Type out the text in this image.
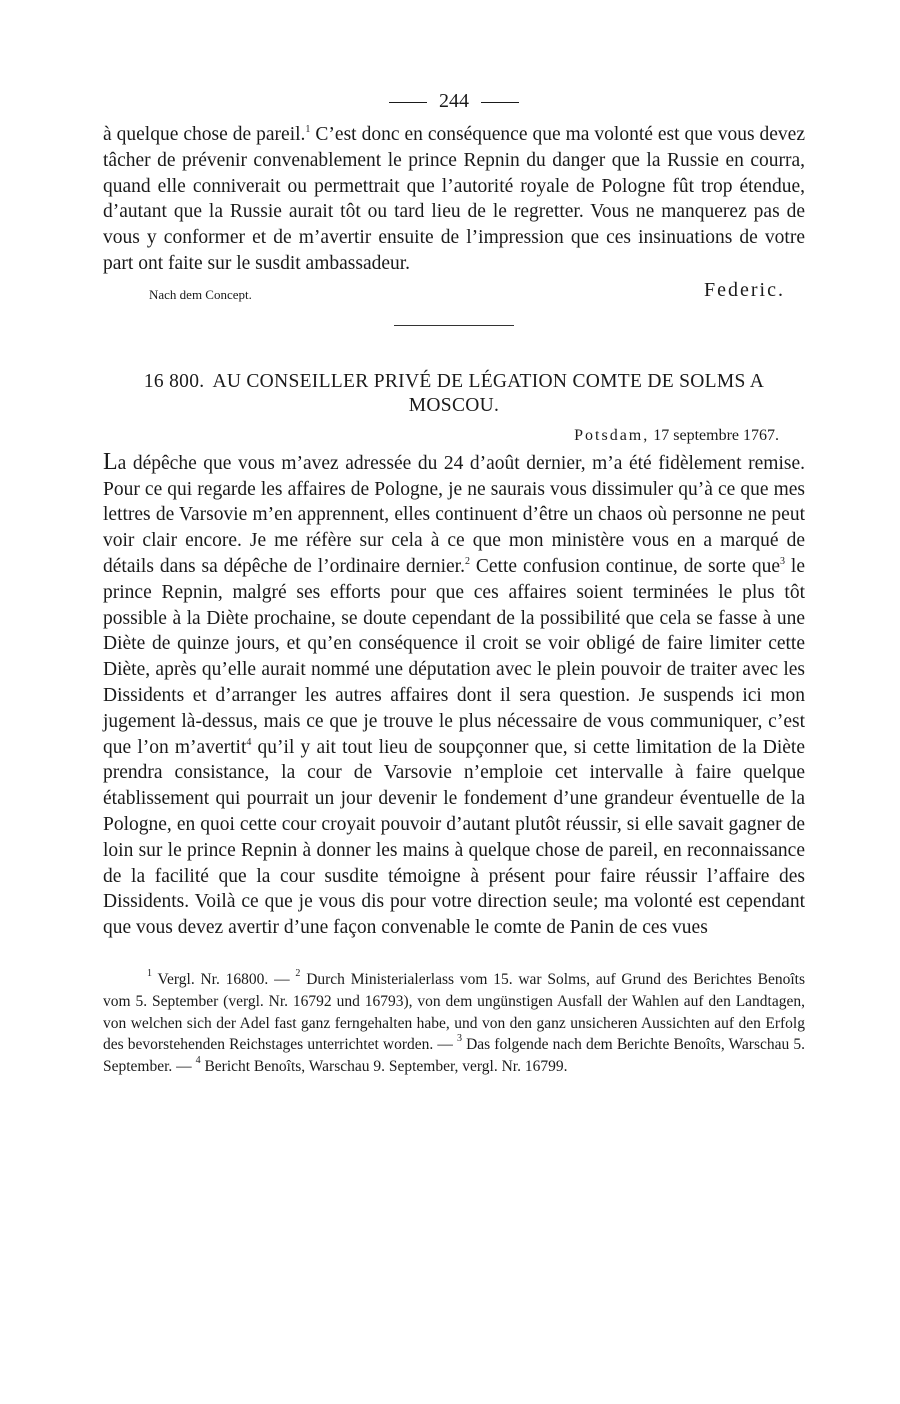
244

à quelque chose de pareil.$^1$ C’est donc en conséquence que ma volonté est que vous devez tâcher de prévenir convenablement le prince Repnin du danger que la Russie en courra, quand elle conniverait ou permettrait que l’autorité royale de Pologne fût trop étendue, d’autant que la Russie aurait tôt ou tard lieu de le regretter. Vous ne manquerez pas de vous y conformer et de m’avertir ensuite de l’impression que ces insinuations de votre part ont faite sur le susdit ambassadeur.

Nach dem Concept.	Federic.
16 800. AU CONSEILLER PRIVÉ DE LÉGATION COMTE DE SOLMS A MOSCOU.
Potsdam, 17 septembre 1767.

La dépêche que vous m’avez adressée du 24 d’août dernier, m’a été fidèlement remise. Pour ce qui regarde les affaires de Pologne, je ne saurais vous dissimuler qu’à ce que mes lettres de Varsovie m’en apprennent, elles continuent d’être un chaos où personne ne peut voir clair encore. Je me réfère sur cela à ce que mon ministère vous en a marqué de détails dans sa dépêche de l’ordinaire dernier.$^2$ Cette confusion continue, de sorte que$^3$ le prince Repnin, malgré ses efforts pour que ces affaires soient terminées le plus tôt possible à la Diète prochaine, se doute cependant de la possibilité que cela se fasse à une Diète de quinze jours, et qu’en conséquence il croit se voir obligé de faire limiter cette Diète, après qu’elle aurait nommé une députation avec le plein pouvoir de traiter avec les Dissidents et d’arranger les autres affaires dont il sera question. Je suspends ici mon jugement là-dessus, mais ce que je trouve le plus nécessaire de vous communiquer, c’est que l’on m’avertit$^4$ qu’il y ait tout lieu de soupçonner que, si cette limitation de la Diète prendra consistance, la cour de Varsovie n’emploie cet intervalle à faire quelque établissement qui pourrait un jour devenir le fondement d’une grandeur éventuelle de la Pologne, en quoi cette cour croyait pouvoir d’autant plutôt réussir, si elle savait gagner de loin sur le prince Repnin à donner les mains à quelque chose de pareil, en reconnaissance de la facilité que la cour susdite témoigne à présent pour faire réussir l’affaire des Dissidents. Voilà ce que je vous dis pour votre direction seule; ma volonté est cependant que vous devez avertir d’une façon convenable le comte de Panin de ces vues

$^1$ Vergl. Nr. 16800. — $^2$ Durch Ministerialerlass vom 15. war Solms, auf Grund des Berichtes Benoîts vom 5. September (vergl. Nr. 16792 und 16793), von dem ungünstigen Ausfall der Wahlen auf den Landtagen, von welchen sich der Adel fast ganz ferngehalten habe, und von den ganz unsicheren Aussichten auf den Erfolg des bevorstehenden Reichstages unterrichtet worden. — $^3$ Das folgende nach dem Berichte Benoîts, Warschau 5. September. — $^4$ Bericht Benoîts, Warschau 9. September, vergl. Nr. 16799.
